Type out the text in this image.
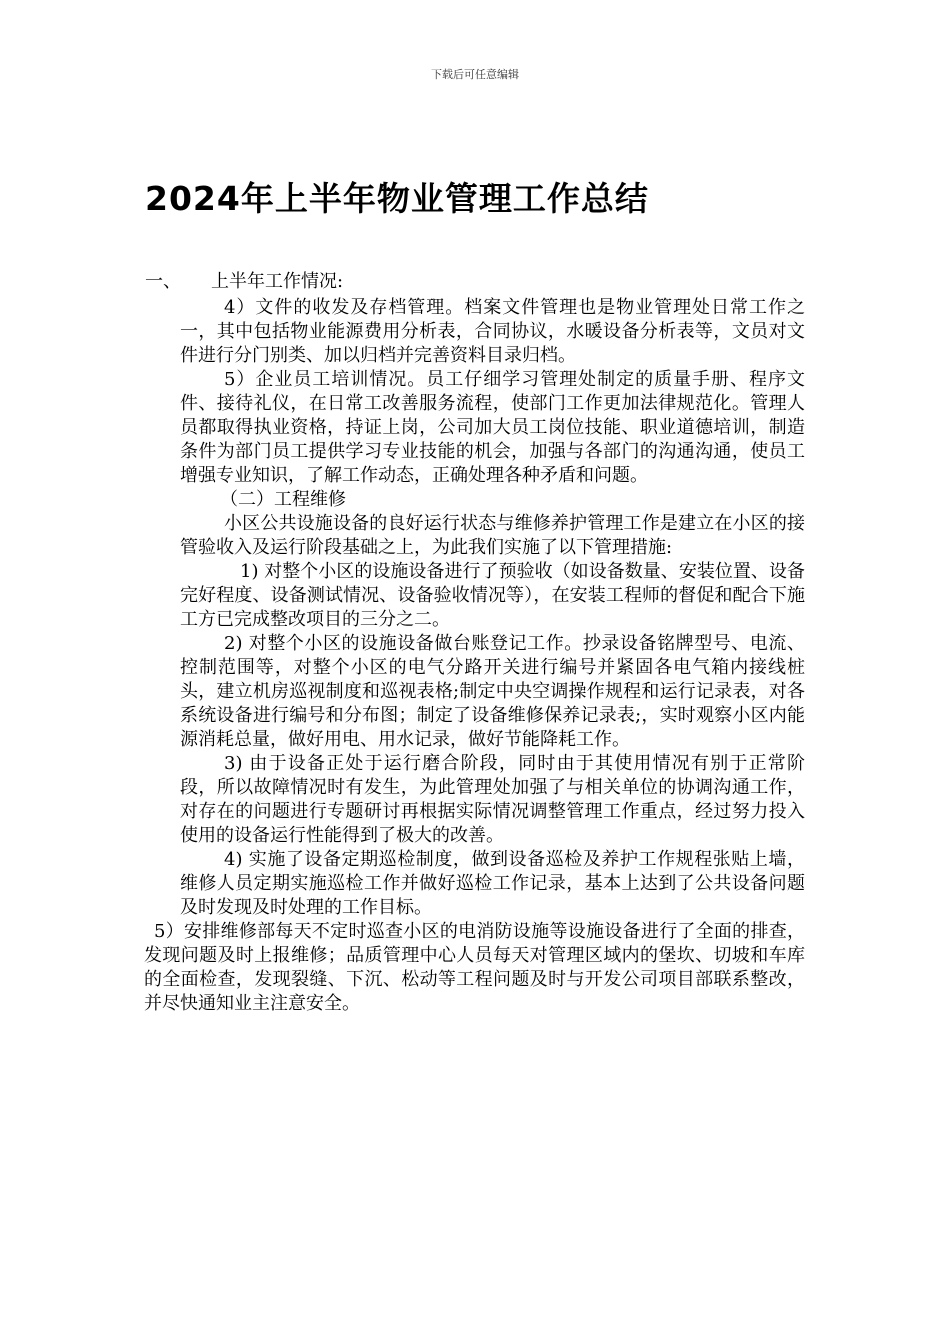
下载后可任意编辑
2024年上半年物业管理工作总结
一、 上半年工作情况:

4）文件的收发及存档管理。档案文件管理也是物业管理处日常工作之一，其中包括物业能源费用分析表，合同协议，水暖设备分析表等，文员对文件进行分门别类、加以归档并完善资料目录归档。

5）企业员工培训情况。员工仔细学习管理处制定的质量手册、程序文件、接待礼仪，在日常工改善服务流程，使部门工作更加法律规范化。管理人员都取得执业资格，持证上岗，公司加大员工岗位技能、职业道德培训，制造条件为部门员工提供学习专业技能的机会，加强与各部门的沟通沟通，使员工增强专业知识，了解工作动态，正确处理各种矛盾和问题。

（二）工程维修

小区公共设施设备的良好运行状态与维修养护管理工作是建立在小区的接管验收入及运行阶段基础之上，为此我们实施了以下管理措施:

1) 对整个小区的设施设备进行了预验收（如设备数量、安装位置、设备完好程度、设备测试情况、设备验收情况等），在安装工程师的督促和配合下施工方已完成整改项目的三分之二。

2) 对整个小区的设施设备做台账登记工作。抄录设备铭牌型号、电流、控制范围等，对整个小区的电气分路开关进行编号并紧固各电气箱内接线桩头，建立机房巡视制度和巡视表格;制定中央空调操作规程和运行记录表，对各系统设备进行编号和分布图；制定了设备维修保养记录表;，实时观察小区内能源消耗总量，做好用电、用水记录，做好节能降耗工作。

3) 由于设备正处于运行磨合阶段，同时由于其使用情况有别于正常阶段，所以故障情况时有发生，为此管理处加强了与相关单位的协调沟通工作，对存在的问题进行专题研讨再根据实际情况调整管理工作重点，经过努力投入使用的设备运行性能得到了极大的改善。

4) 实施了设备定期巡检制度，做到设备巡检及养护工作规程张贴上墙，维修人员定期实施巡检工作并做好巡检工作记录，基本上达到了公共设备问题及时发现及时处理的工作目标。

5）安排维修部每天不定时巡查小区的电消防设施等设施设备进行了全面的排查，发现问题及时上报维修；品质管理中心人员每天对管理区域内的堡坎、切坡和车库的全面检查，发现裂缝、下沉、松动等工程问题及时与开发公司项目部联系整改，并尽快通知业主注意安全。
